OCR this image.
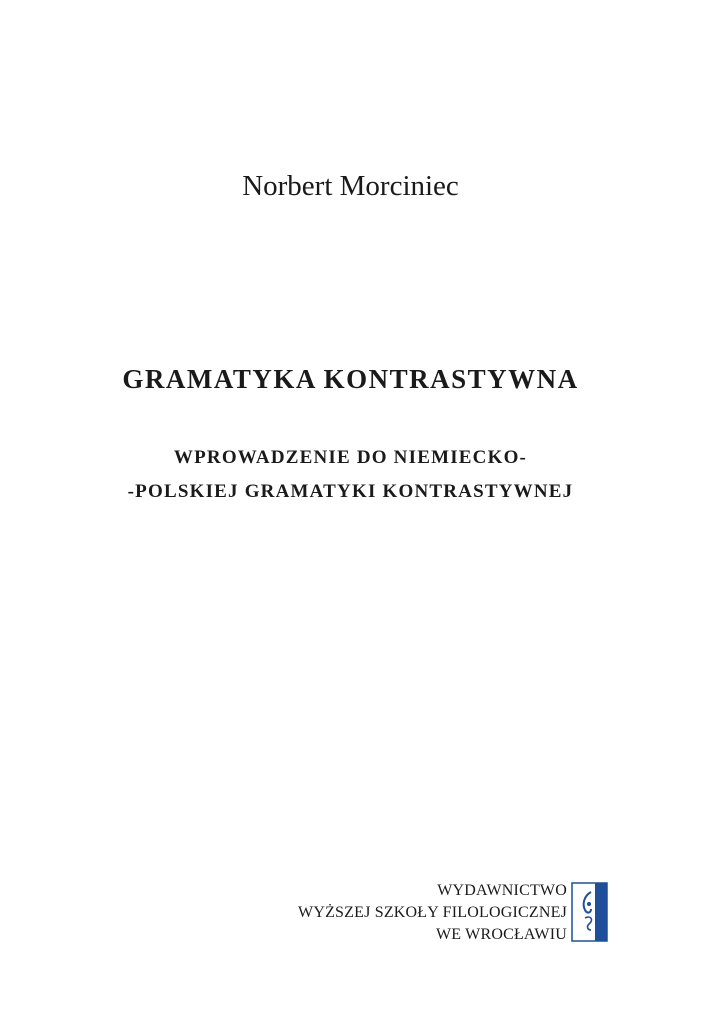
Norbert Morciniec
GRAMATYKA KONTRASTYWNA
WPROWADZENIE DO NIEMIECKO-
-POLSKIEJ GRAMATYKI KONTRASTYWNEJ
WYDAWNICTWO
WYŻSZEJ SZKOŁY FILOLOGICZNEJ
WE WROCŁAWIU
